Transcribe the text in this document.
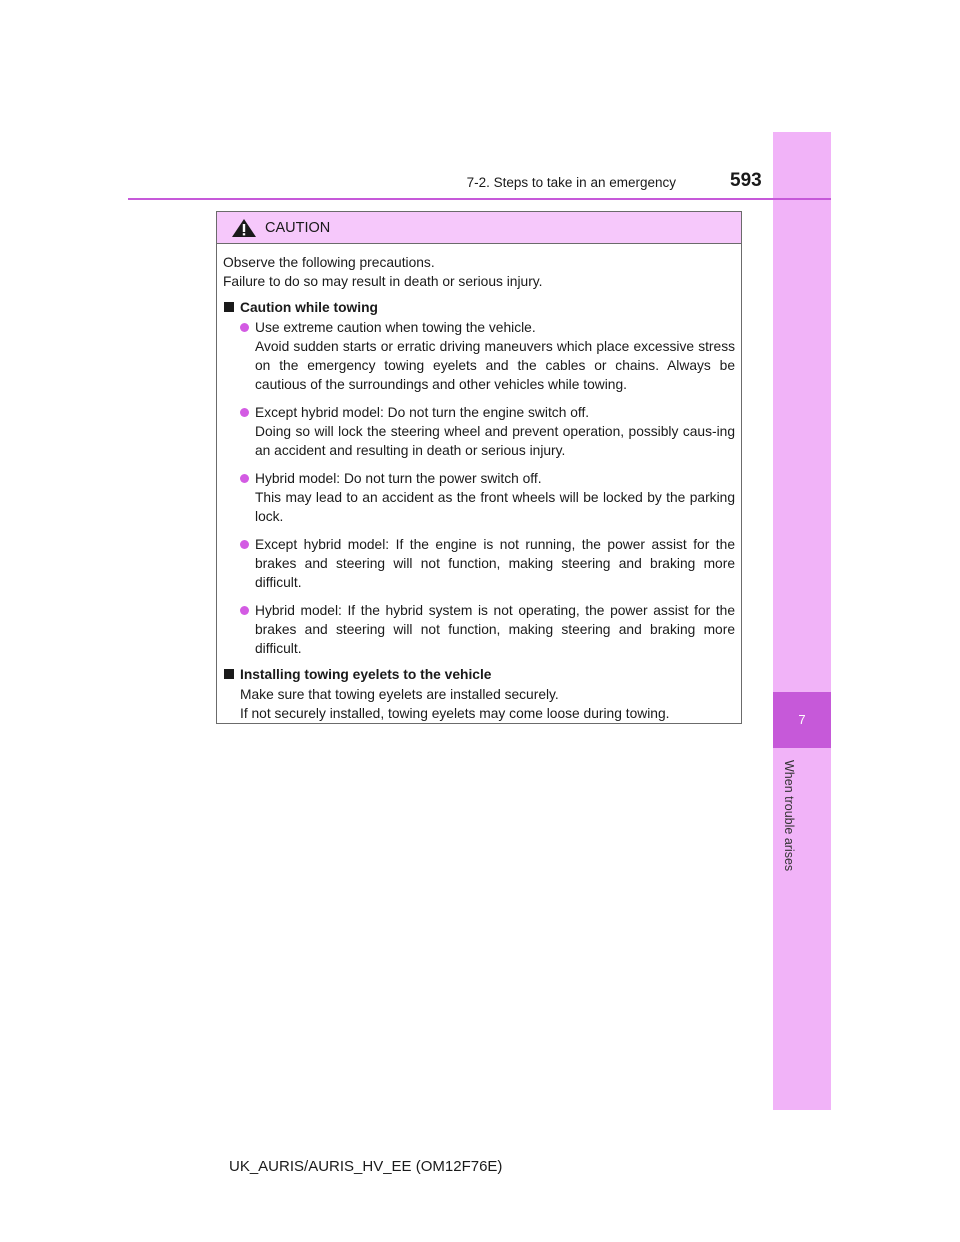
7
When trouble arises
7-2. Steps to take in an emergency	593
CAUTION

Observe the following precautions.

Failure to do so may result in death or serious injury.

Caution while towing

Use extreme caution when towing the vehicle.

Avoid sudden starts or erratic driving maneuvers which place excessive stress on the emergency towing eyelets and the cables or chains. Always be cautious of the surroundings and other vehicles while towing.

Except hybrid model: Do not turn the engine switch off.

Doing so will lock the steering wheel and prevent operation, possibly caus-ing an accident and resulting in death or serious injury.

Hybrid model: Do not turn the power switch off.

This may lead to an accident as the front wheels will be locked by the parking lock.

Except hybrid model: If the engine is not running, the power assist for the brakes and steering will not function, making steering and braking more difficult.

Hybrid model: If the hybrid system is not operating, the power assist for the brakes and steering will not function, making steering and braking more difficult.

Installing towing eyelets to the vehicle

Make sure that towing eyelets are installed securely.

If not securely installed, towing eyelets may come loose during towing.

UK_AURIS/AURIS_HV_EE (OM12F76E)
